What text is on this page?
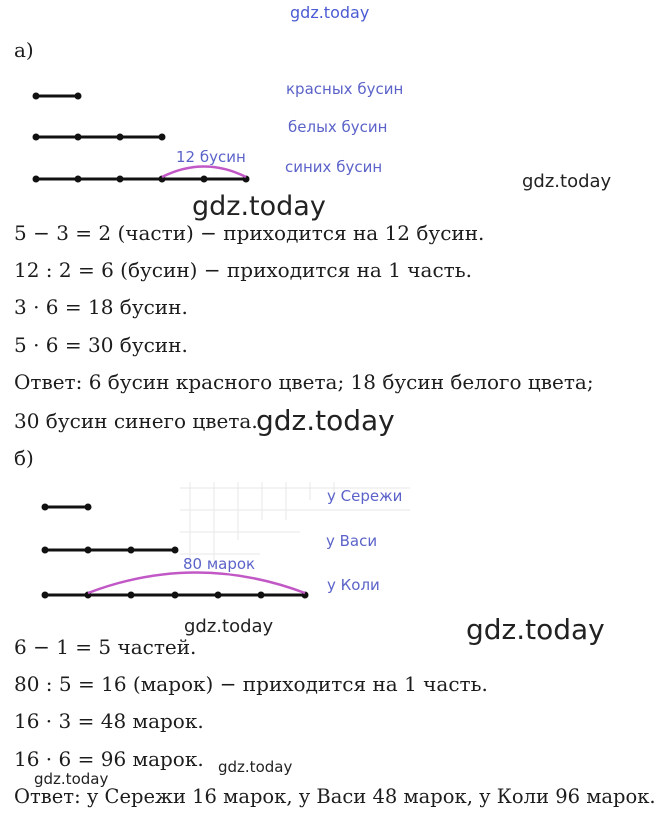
gdz.today
а)
красных бусин
белых бусин
синих бусин
12 бусин
gdz.today
gdz.today
5 − 3 = 2 (части) − приходится на 12 бусин.
12 : 2 = 6 (бусин) − приходится на 1 часть.
3 · 6 = 18 бусин.
5 · 6 = 30 бусин.
Ответ: 6 бусин красного цвета; 18 бусин белого цвета;
30 бусин синего цвета.
gdz.today
б)
у Сережи
у Васи
у Коли
80 марок
gdz.today	gdz.today
6 − 1 = 5 частей.
80 : 5 = 16 (марок) − приходится на 1 часть.
16 · 3 = 48 марок.
16 · 6 = 96 марок. gdz.today
gdz.today
Ответ: у Сережи 16 марок, у Васи 48 марок, у Коли 96 марок.
